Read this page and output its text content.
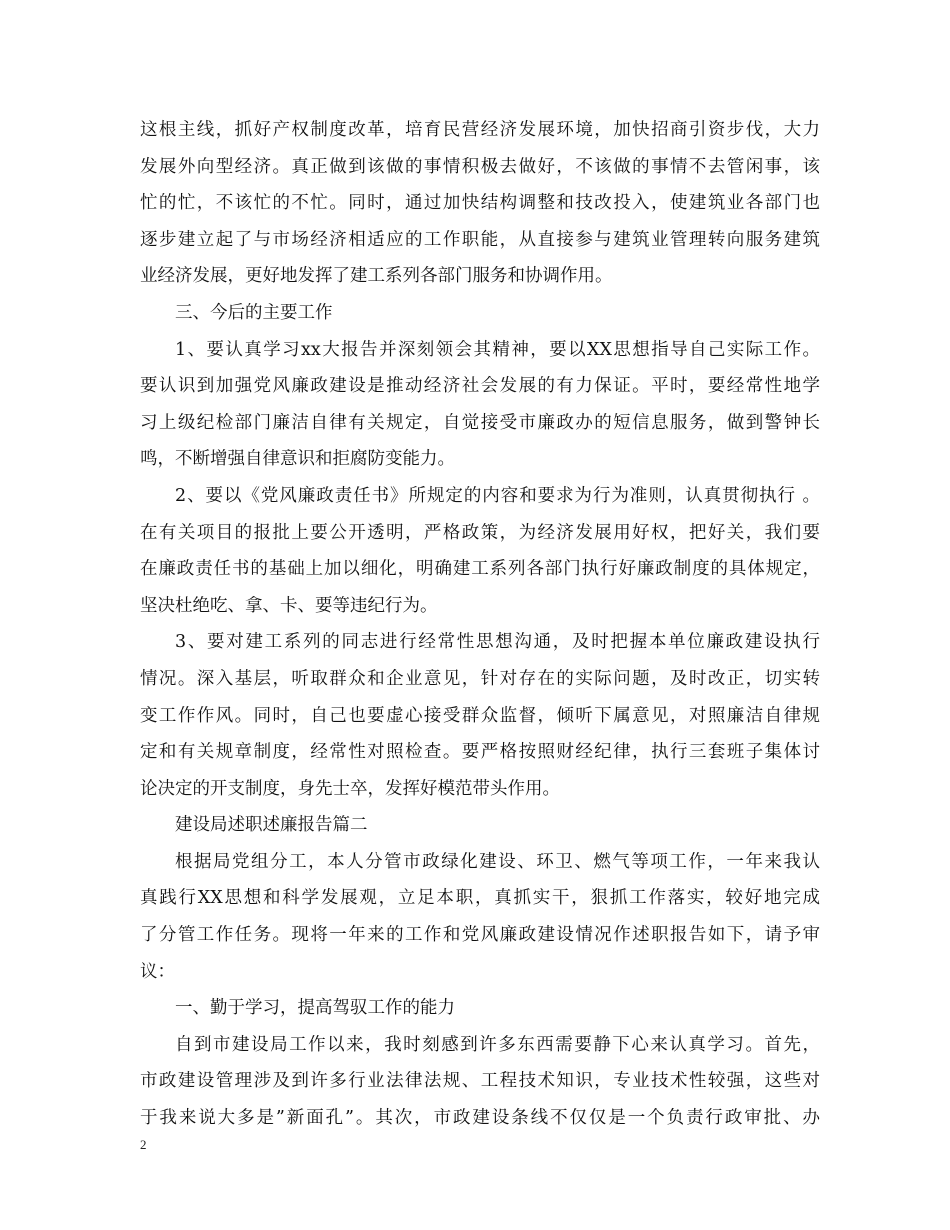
这根主线，抓好产权制度改革，培育民营经济发展环境，加快招商引资步伐，大力
发展外向型经济。真正做到该做的事情积极去做好，不该做的事情不去管闲事，该
忙的忙，不该忙的不忙。同时，通过加快结构调整和技改投入，使建筑业各部门也
逐步建立起了与市场经济相适应的工作职能，从直接参与建筑业管理转向服务建筑
业经济发展，更好地发挥了建工系列各部门服务和协调作用。
三、今后的主要工作
1、要认真学习xx大报告并深刻领会其精神，要以XX思想指导自己实际工作。
要认识到加强党风廉政建设是推动经济社会发展的有力保证。平时，要经常性地学
习上级纪检部门廉洁自律有关规定，自觉接受市廉政办的短信息服务，做到警钟长
鸣，不断增强自律意识和拒腐防变能力。
2、要以《党风廉政责任书》所规定的内容和要求为行为准则，认真贯彻执行 。
在有关项目的报批上要公开透明，严格政策，为经济发展用好权，把好关，我们要
在廉政责任书的基础上加以细化，明确建工系列各部门执行好廉政制度的具体规定，
坚决杜绝吃、拿、卡、要等违纪行为。
3、要对建工系列的同志进行经常性思想沟通，及时把握本单位廉政建设执行
情况。深入基层，听取群众和企业意见，针对存在的实际问题，及时改正，切实转
变工作作风。同时，自己也要虚心接受群众监督，倾听下属意见，对照廉洁自律规
定和有关规章制度，经常性对照检查。要严格按照财经纪律，执行三套班子集体讨
论决定的开支制度，身先士卒，发挥好模范带头作用。
建设局述职述廉报告篇二
根据局党组分工，本人分管市政绿化建设、环卫、燃气等项工作，一年来我认
真践行XX思想和科学发展观，立足本职，真抓实干，狠抓工作落实，较好地完成
了分管工作任务。现将一年来的工作和党风廉政建设情况作述职报告如下，请予审
议：
一、勤于学习，提高驾驭工作的能力
自到市建设局工作以来，我时刻感到许多东西需要静下心来认真学习。首先，
市政建设管理涉及到许多行业法律法规、工程技术知识，专业技术性较强，这些对
于我来说大多是”新面孔”。其次，市政建设条线不仅仅是一个负责行政审批、办
2
